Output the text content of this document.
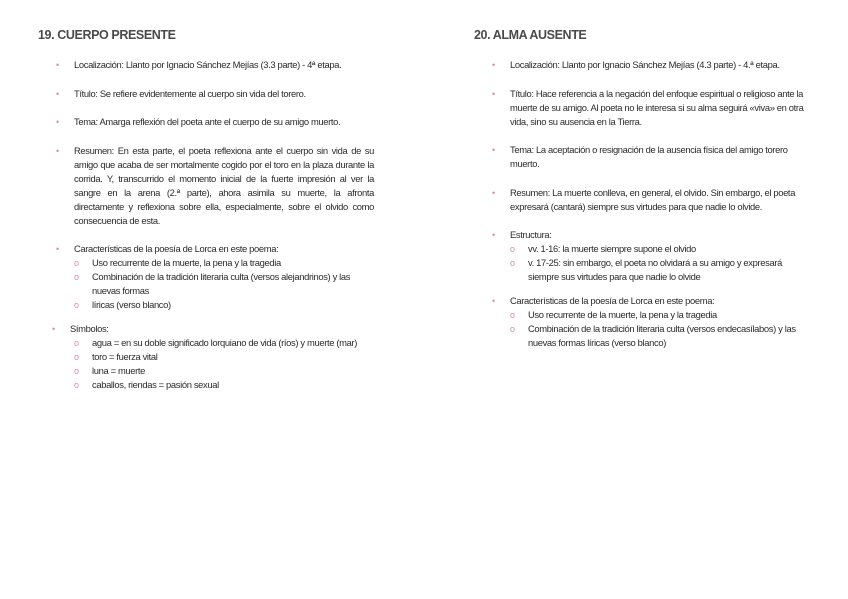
19. CUERPO PRESENTE
• Localización: Llanto por Ignacio Sánchez Mejías (3.3 parte) - 4ª etapa.
• Título: Se refiere evidentemente al cuerpo sin vida del torero.
• Tema: Amarga reflexión del poeta ante el cuerpo de su amigo muerto.
• Resumen: En esta parte, el poeta reflexiona ante el cuerpo sin vida de su amigo que acaba de ser mortalmente cogido por el toro en la plaza durante la corrida. Y, transcurrido el momento inicial de la fuerte impresión al ver la sangre en la arena (2.ª parte), ahora asimila su muerte, la afronta directamente y reflexiona sobre ella, especialmente, sobre el olvido como consecuencia de esta.
• Características de la poesía de Lorca en este poema:
o Uso recurrente de la muerte, la pena y la tragedia
o Combinación de la tradición literaria culta (versos alejandrinos) y las nuevas formas
o líricas (verso blanco)
• Símbolos:
o agua = en su doble significado lorquiano de vida (ríos) y muerte (mar)
o toro = fuerza vital
o luna = muerte
o caballos, riendas = pasión sexual
20. ALMA AUSENTE
• Localización: Llanto por Ignacio Sánchez Mejías (4.3 parte) - 4.ª etapa.
• Título: Hace referencia a la negación del enfoque espiritual o religioso ante la muerte de su amigo. Al poeta no le interesa si su alma seguirá «viva» en otra vida, sino su ausencia en la Tierra.
• Tema: La aceptación o resignación de la ausencia física del amigo torero muerto.
• Resumen: La muerte conlleva, en general, el olvido. Sin embargo, el poeta expresará (cantará) siempre sus virtudes para que nadie lo olvide.
• Estructura:
o vv. 1-16: la muerte siempre supone el olvido
o v. 17-25: sin embargo, el poeta no olvidará a su amigo y expresará siempre sus virtudes para que nadie lo olvide
• Características de la poesía de Lorca en este poema:
o Uso recurrente de la muerte, la pena y la tragedia
o Combinación de la tradición literaria culta (versos endecasílabos) y las nuevas formas líricas (verso blanco)
